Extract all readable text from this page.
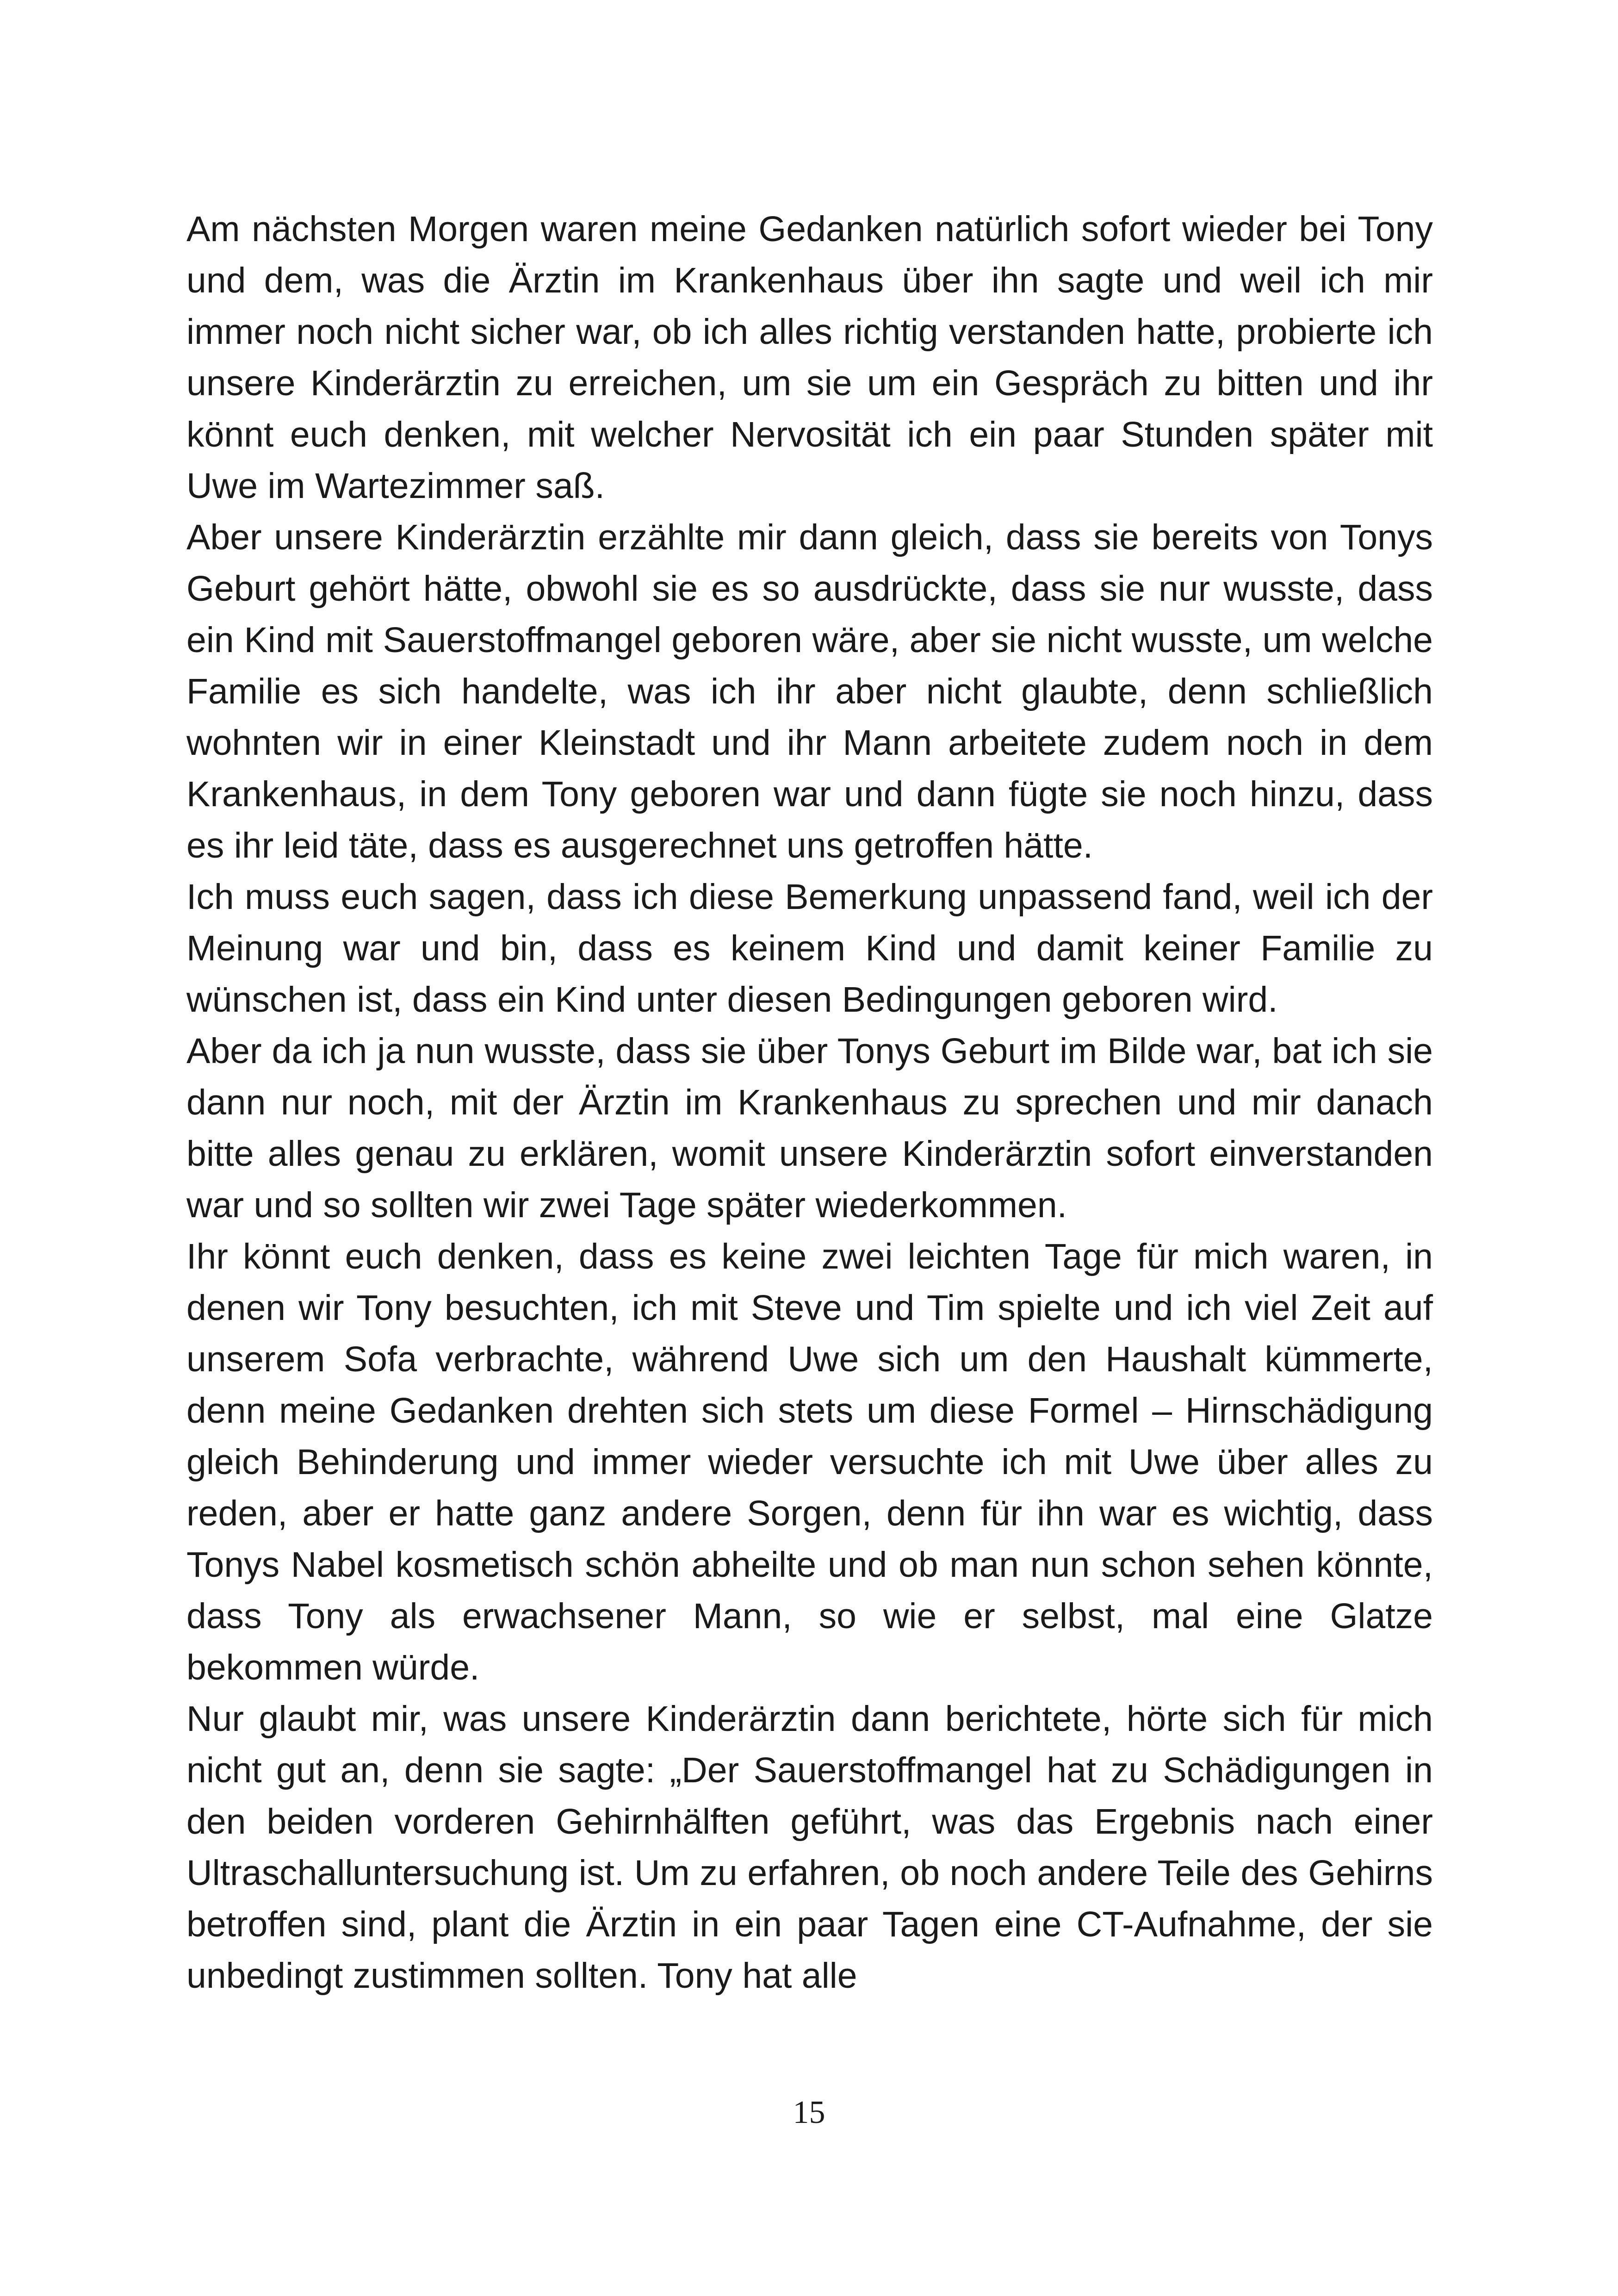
Am nächsten Morgen waren meine Gedanken natürlich sofort wieder bei Tony und dem, was die Ärztin im Krankenhaus über ihn sagte und weil ich mir immer noch nicht sicher war, ob ich alles richtig verstanden hatte, probierte ich unsere Kinderärztin zu erreichen, um sie um ein Gespräch zu bitten und ihr könnt euch denken, mit welcher Nervosität ich ein paar Stunden später mit Uwe im Wartezimmer saß.

Aber unsere Kinderärztin erzählte mir dann gleich, dass sie bereits von Tonys Geburt gehört hätte, obwohl sie es so ausdrückte, dass sie nur wusste, dass ein Kind mit Sauerstoffmangel geboren wäre, aber sie nicht wusste, um welche Familie es sich handelte, was ich ihr aber nicht glaubte, denn schließlich wohnten wir in einer Kleinstadt und ihr Mann arbeitete zudem noch in dem Krankenhaus, in dem Tony geboren war und dann fügte sie noch hinzu, dass es ihr leid täte, dass es ausgerechnet uns getroffen hätte.

Ich muss euch sagen, dass ich diese Bemerkung unpassend fand, weil ich der Meinung war und bin, dass es keinem Kind und damit keiner Familie zu wünschen ist, dass ein Kind unter diesen Bedingungen geboren wird.

Aber da ich ja nun wusste, dass sie über Tonys Geburt im Bilde war, bat ich sie dann nur noch, mit der Ärztin im Krankenhaus zu sprechen und mir danach bitte alles genau zu erklären, womit unsere Kinderärztin sofort einverstanden war und so sollten wir zwei Tage später wiederkommen.

Ihr könnt euch denken, dass es keine zwei leichten Tage für mich waren, in denen wir Tony besuchten, ich mit Steve und Tim spielte und ich viel Zeit auf unserem Sofa verbrachte, während Uwe sich um den Haushalt kümmerte, denn meine Gedanken drehten sich stets um diese Formel – Hirnschädigung gleich Behinderung und immer wieder versuchte ich mit Uwe über alles zu reden, aber er hatte ganz andere Sorgen, denn für ihn war es wichtig, dass Tonys Nabel kosmetisch schön abheilte und ob man nun schon sehen könnte, dass Tony als erwachsener Mann, so wie er selbst, mal eine Glatze bekommen würde.

Nur glaubt mir, was unsere Kinderärztin dann berichtete, hörte sich für mich nicht gut an, denn sie sagte: „Der Sauerstoffmangel hat zu Schädigungen in den beiden vorderen Gehirnhälften geführt, was das Ergebnis nach einer Ultraschalluntersuchung ist. Um zu erfahren, ob noch andere Teile des Gehirns betroffen sind, plant die Ärztin in ein paar Tagen eine CT-Aufnahme, der sie unbedingt zustimmen sollten. Tony hat alle

15
